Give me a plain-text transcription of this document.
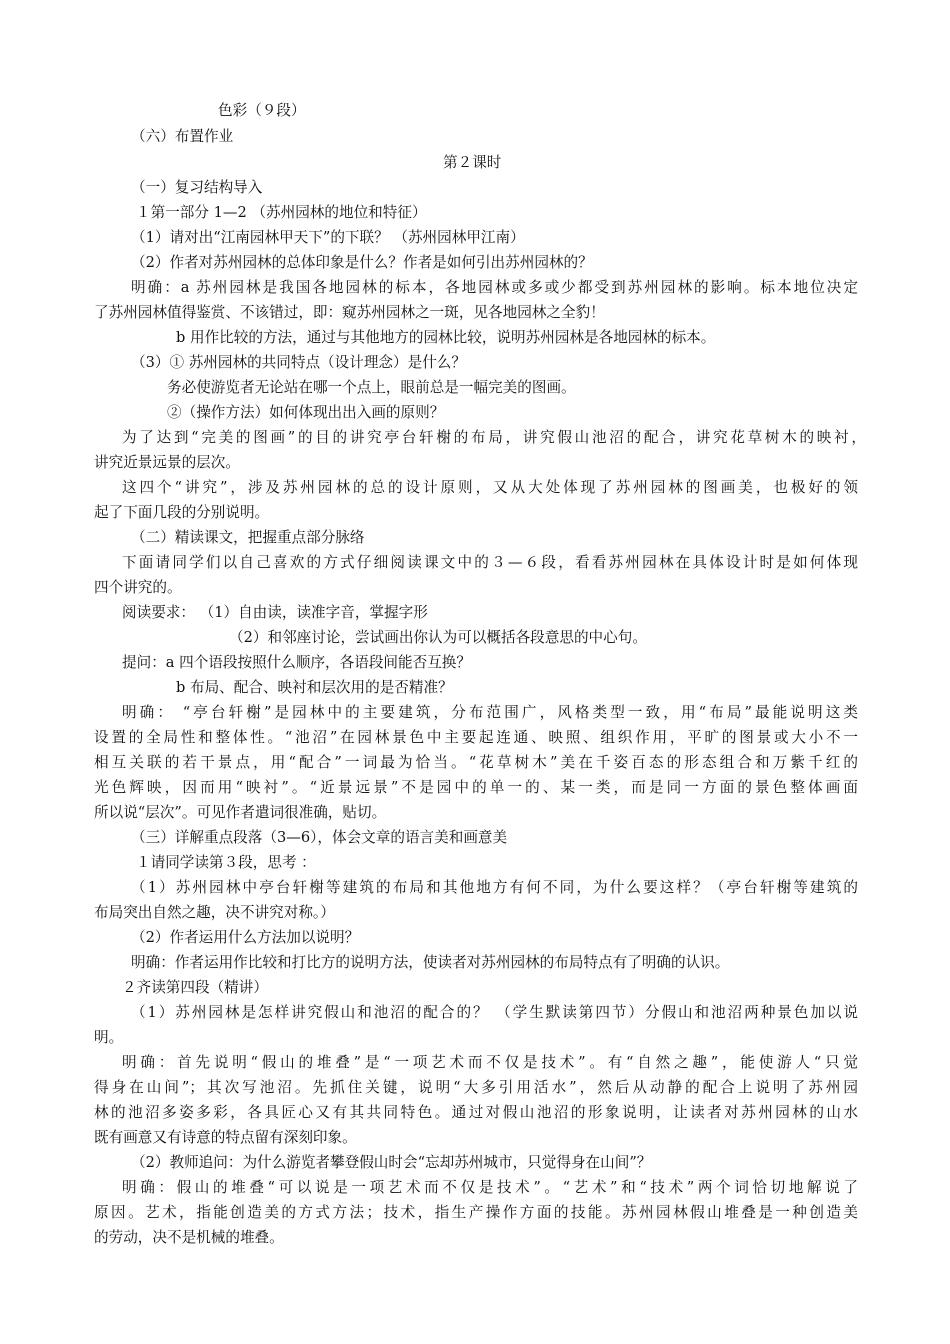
色彩（９段）
（六）布置作业
第２课时
（一）复习结构导入
１第一部分 1—2 （苏州园林的地位和特征）
（1）请对出“江南园林甲天下”的下联？ （苏州园林甲江南）
（2）作者对苏州园林的总体印象是什么？作者是如何引出苏州园林的？
明确：a 苏州园林是我国各地园林的标本，各地园林或多或少都受到苏州园林的影响。标本地位决定
了苏州园林值得鉴赏、不该错过，即：窥苏州园林之一斑，见各地园林之全豹！
b 用作比较的方法，通过与其他地方的园林比较，说明苏州园林是各地园林的标本。
（3）① 苏州园林的共同特点（设计理念）是什么？
务必使游览者无论站在哪一个点上，眼前总是一幅完美的图画。
②（操作方法）如何体现出出入画的原则？
为了达到“完美的图画”的目的讲究亭台轩榭的布局，讲究假山池沼的配合，讲究花草树木的映衬，
讲究近景远景的层次。
这四个“讲究”，涉及苏州园林的总的设计原则，又从大处体现了苏州园林的图画美，也极好的领
起了下面几段的分别说明。
（二）精读课文，把握重点部分脉络
下面请同学们以自己喜欢的方式仔细阅读课文中的３—６段，看看苏州园林在具体设计时是如何体现
四个讲究的。
阅读要求： （1）自由读，读准字音，掌握字形
（2）和邻座讨论，尝试画出你认为可以概括各段意思的中心句。
提问：a 四个语段按照什么顺序，各语段间能否互换？
b 布局、配合、映衬和层次用的是否精准？
明确： “亭台轩榭”是园林中的主要建筑，分布范围广，风格类型一致，用“布局”最能说明这类
设置的全局性和整体性。“池沼”在园林景色中主要起连通、映照、组织作用，平旷的图景或大小不一
相互关联的若干景点，用“配合”一词最为恰当。“花草树木”美在千姿百态的形态组合和万紫千红的
光色辉映，因而用“映衬”。“近景远景”不是园中的单一的、某一类，而是同一方面的景色整体画面
所以说“层次”。可见作者遣词很准确，贴切。
（三）详解重点段落（3—6），体会文章的语言美和画意美
１请同学读第３段，思考 ：
（1）苏州园林中亭台轩榭等建筑的布局和其他地方有何不同，为什么要这样？（亭台轩榭等建筑的
布局突出自然之趣，决不讲究对称。）
（2）作者运用什么方法加以说明？
明确：作者运用作比较和打比方的说明方法，使读者对苏州园林的布局特点有了明确的认识。
２齐读第四段（精讲）
（1）苏州园林是怎样讲究假山和池沼的配合的？ （学生默读第四节）分假山和池沼两种景色加以说
明。
明确：首先说明“假山的堆叠”是“一项艺术而不仅是技术”。有“自然之趣”，能使游人“只觉
得身在山间”；其次写池沼。先抓住关键，说明“大多引用活水”，然后从动静的配合上说明了苏州园
林的池沼多姿多彩，各具匠心又有其共同特色。通过对假山池沼的形象说明，让读者对苏州园林的山水
既有画意又有诗意的特点留有深刻印象。
（2）教师追问：为什么游览者攀登假山时会“忘却苏州城市，只觉得身在山间”？
明确：假山的堆叠“可以说是一项艺术而不仅是技术”。“艺术”和“技术”两个词恰切地解说了
原因。艺术，指能创造美的方式方法；技术，指生产操作方面的技能。苏州园林假山堆叠是一种创造美
的劳动，决不是机械的堆叠。
